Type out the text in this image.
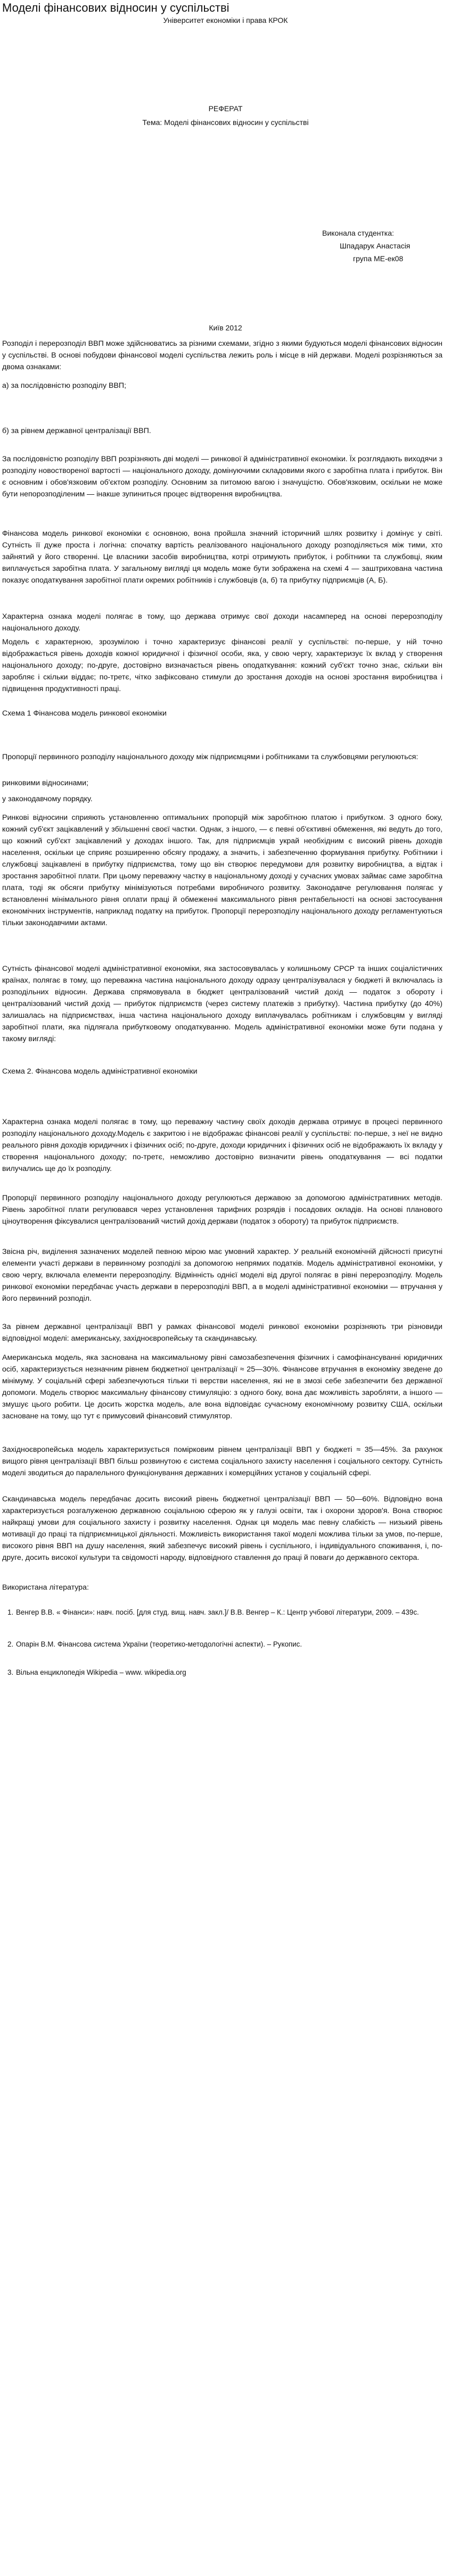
Моделі фінансових відносин у суспільстві
Університет економіки і права КРОК
РЕФЕРАТ
Тема: Моделі фінансових відносин у суспільстві
Виконала студентка:
Шпадарук Анастасія
група МЕ-ек08
Київ 2012

Розподіл і перерозподіл ВВП може здійснюватись за різними схемами, згідно з якими будуються моделі фінансових відносин у суспільстві. В основі побудови фінансової моделі суспільства лежить роль і місце в ній держави. Моделі розрізняються за двома ознаками:

а) за послідовністю розподілу ВВП;
б) за рівнем державної централізації ВВП.

За послідовністю розподілу ВВП розрізняють дві моделі — ринкової й адміністративної економіки. Їх розглядають виходячи з розподілу новоствореної вартості — національного доходу, домінуючими складовими якого є заробітна плата і прибуток. Він є основним і обов'язковим об'єктом розподілу. Основним за питомою вагою і значущістю. Обов'язковим, оскільки не може бути непорозподіленим — інакше зупиниться процес відтворення виробництва.

Фінансова модель ринкової економіки є основною, вона пройшла значний історичний шлях розвитку і домінує у світі. Сутність її дуже проста і логічна: спочатку вартість реалізованого національного доходу розподіляється між тими, хто зайнятий у його створенні. Це власники засобів виробництва, котрі отримують прибуток, і робітники та службовці, яким виплачується заробітна плата. У загальному вигляді ця модель може бути зображена на схемі 4 — заштрихована частина показує оподаткування заробітної плати окремих робітників і службовців (а, б) та прибутку підприємців (А, Б).

Характерна ознака моделі полягає в тому, що держава отримує свої доходи насамперед на основі перерозподілу національного доходу.

Модель є характерною, зрозумілою і точно характеризує фінансові реалії у суспільстві: по-перше, у ній точно відображається рівень доходів кожної юридичної і фізичної особи, яка, у свою чергу, характеризує їх вклад у створення національного доходу; по-друге, достовірно визначається рівень оподаткування: кожний суб'єкт точно знає, скільки він заробляє і скільки віддає; по-третє, чітко зафіксовано стимули до зростання доходів на основі зростання виробництва і підвищення продуктивності праці.

Схема 1 Фінансова модель ринкової економіки

Пропорції первинного розподілу національного доходу між підприємцями і робітниками та службовцями регулюються:

ринковими відносинами;
у законодавчому порядку.

Ринкові відносини сприяють установленню оптимальних пропорцій між заробітною платою і прибутком. З одного боку, кожний суб'єкт зацікавлений у збільшенні своєї частки. Однак, з іншого, — є певні об'єктивні обмеження, які ведуть до того, що кожний суб'єкт зацікавлений у доходах іншого. Так, для підприємців украй необхідним є високий рівень доходів населення, оскільки це сприяє розширенню обсягу продажу, а значить, і забезпеченню формування прибутку. Робітники і службовці зацікавлені в прибутку підприємства, тому що він створює передумови для розвитку виробництва, а відтак і зростання заробітної плати. При цьому переважну частку в національному доході у сучасних умовах займає саме заробітна плата, тоді як обсяги прибутку мінімізуються потребами виробничого розвитку. Законодавче регулювання полягає у встановленні мінімального рівня оплати праці й обмеженні максимального рівня рентабельності на основі застосування економічних інструментів, наприклад податку на прибуток. Пропорції перерозподілу національного доходу регламентуються тільки законодавчими актами.

Сутність фінансової моделі адміністративної економіки, яка застосовувалась у колишньому СРСР та інших соціалістичних країнах, полягає в тому, що переважна частина національного доходу одразу централізувалася у бюджеті й включалась із розподільних відносин. Держава спрямовувала в бюджет централізований чистий дохід — податок з обороту і централізований чистий дохід — прибуток підприємств (через систему платежів з прибутку). Частина прибутку (до 40%) залишалась на підприємствах, інша частина національного доходу виплачувалась робітникам і службовцям у вигляді заробітної плати, яка підлягала прибутковому оподаткуванню. Модель адміністративної економіки може бути подана у такому вигляді:

Схема 2. Фінансова модель адміністративної економіки

Характерна ознака моделі полягає в тому, що переважну частину своїх доходів держава отримує в процесі первинного розподілу національного доходу.Модель є закритою і не відображає фінансові реалії у суспільстві: по-перше, з неї не видно реального рівня доходів юридичних і фізичних осіб; по-друге, доходи юридичних і фізичних осіб не відображають їх вкладу у створення національного доходу; по-третє, неможливо достовірно визначити рівень оподаткування — всі податки вилучались ще до їх розподілу.

Пропорції первинного розподілу національного доходу регулюються державою за допомогою адміністративних методів. Рівень заробітної плати регулювався через установлення тарифних розрядів і посадових окладів. На основі планового ціноутворення фіксувалися централізований чистий дохід держави (податок з обороту) та прибуток підприємств.

Звісна річ, виділення зазначених моделей певною мірою має умовний характер. У реальній економічній дійсності присутні елементи участі держави в первинному розподілі за допомогою непрямих податків. Модель адміністративної економіки, у свою чергу, включала елементи перерозподілу. Відмінність однієї моделі від другої полягає в рівні перерозподілу. Модель ринкової економіки передбачає участь держави в перерозподілі ВВП, а в моделі адміністративної економіки — втручання у його первинний розподіл.

За рівнем державної централізації ВВП у рамках фінансової моделі ринкової економіки розрізняють три різновиди відповідної моделі: американську, західноєвропейську та скандинавську.

Американська модель, яка заснована на максимальному рівні самозабезпечення фізичних і самофінансуванні юридичних осіб, характеризується незначним рівнем бюджетної централізації ≈ 25—30%. Фінансове втручання в економіку зведене до мінімуму. У соціальній сфері забезпечуються тільки ті верстви населення, які не в змозі себе забезпечити без державної допомоги. Модель створює максимальну фінансову стимуляцію: з одного боку, вона дає можливість заробляти, а іншого — змушує цього робити. Це досить жорстка модель, але вона відповідає сучасному економічному розвитку США, оскільки засноване на тому, що тут є примусовий фінансовий стимулятор.

Західноєвропейська модель характеризується помірковим рівнем централізації ВВП у бюджеті ≈ 35—45%. За рахунок вищого рівня централізації ВВП більш розвинутою є система соціального захисту населення і соціального сектору. Сутність моделі зводиться до паралельного функціонування державних і комерційних установ у соціальній сфері.

Скандинавська модель передбачає досить високий рівень бюджетної централізації ВВП — 50—60%. Відповідно вона характеризується розгалуженою державною соціальною сферою як у галузі освіти, так і охорони здоров'я. Вона створює найкращі умови для соціального захисту і розвитку населення. Однак ця модель має певну слабкість — низький рівень мотивації до праці та підприємницької діяльності. Можливість використання такої моделі можлива тільки за умов, по-перше, високого рівня ВВП на душу населення, який забезпечує високий рівень і суспільного, і індивідуального споживання, і, по-друге, досить високої культури та свідомості народу, відповідного ставлення до праці й поваги до державного сектора.

Використана література:
1. Венгер В.В. « Фінанси»: навч. посіб. [для студ. вищ. навч. закл.]/ В.В. Венгер – К.: Центр учбової літератури, 2009. – 439с.
2. Опарін В.М. Фінансова система України (теоретико-методологічні аспекти). – Рукопис.
3. Вільна енциклопедія Wikipedia – www. wikipedia.org
